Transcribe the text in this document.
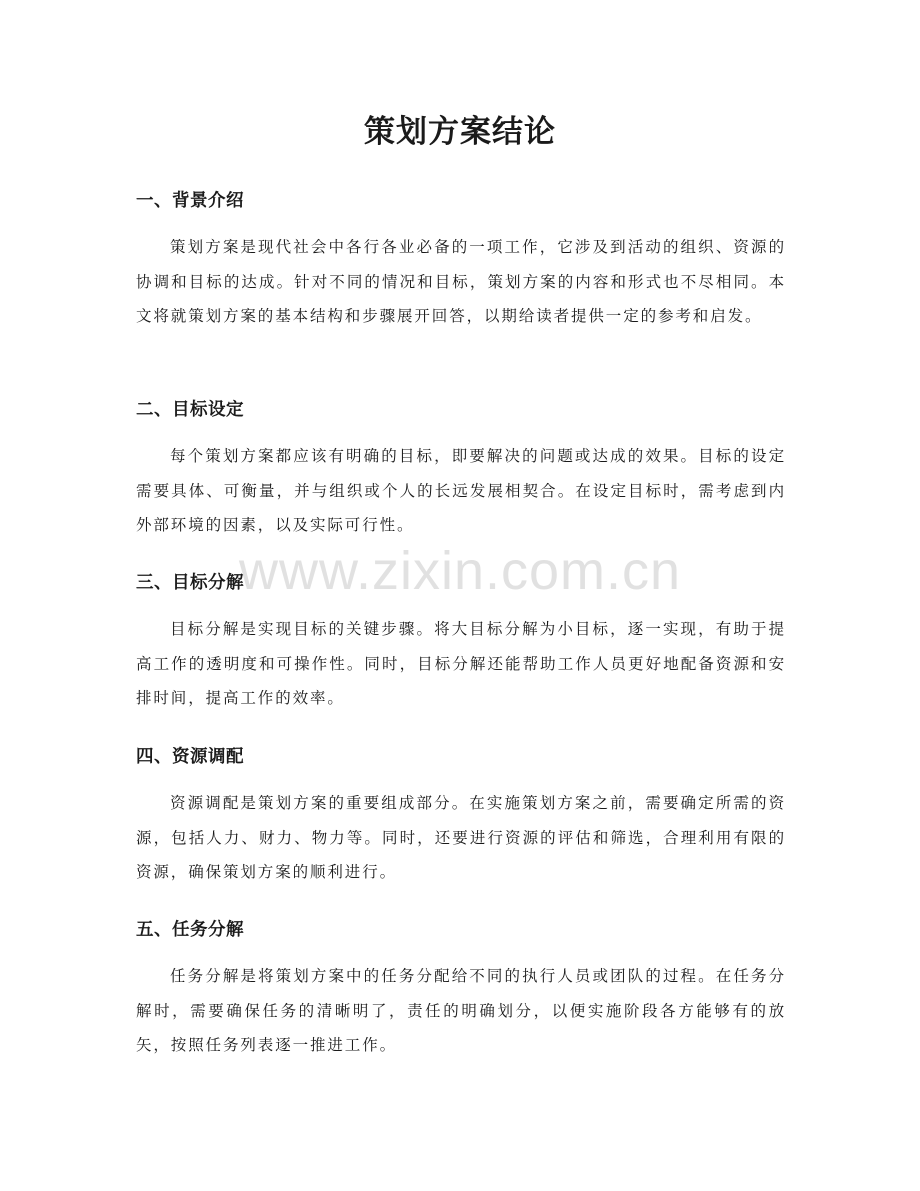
策划方案结论
一、背景介绍

策划方案是现代社会中各行各业必备的一项工作，它涉及到活动的组织、资源的协调和目标的达成。针对不同的情况和目标，策划方案的内容和形式也不尽相同。本文将就策划方案的基本结构和步骤展开回答，以期给读者提供一定的参考和启发。

二、目标设定

每个策划方案都应该有明确的目标，即要解决的问题或达成的效果。目标的设定需要具体、可衡量，并与组织或个人的长远发展相契合。在设定目标时，需考虑到内外部环境的因素，以及实际可行性。

三、目标分解

目标分解是实现目标的关键步骤。将大目标分解为小目标，逐一实现，有助于提高工作的透明度和可操作性。同时，目标分解还能帮助工作人员更好地配备资源和安排时间，提高工作的效率。

四、资源调配

资源调配是策划方案的重要组成部分。在实施策划方案之前，需要确定所需的资源，包括人力、财力、物力等。同时，还要进行资源的评估和筛选，合理利用有限的资源，确保策划方案的顺利进行。

五、任务分解

任务分解是将策划方案中的任务分配给不同的执行人员或团队的过程。在任务分解时，需要确保任务的清晰明了，责任的明确划分，以便实施阶段各方能够有的放矢，按照任务列表逐一推进工作。

www.zixin.com.cn
